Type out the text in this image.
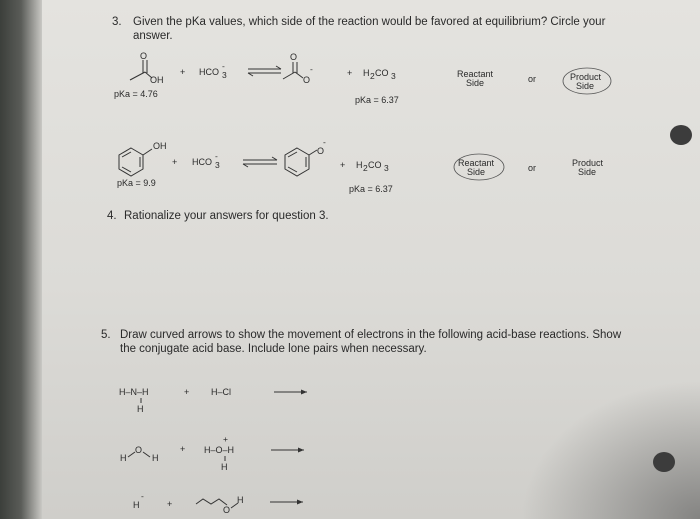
3. Given the pKa values, which side of the reaction would be favored at equilibrium? Circle your
answer.
O
OH
+ HCO 3
-
O
O
-	+ H 2 CO 3
pKa = 4.76
pKa = 6.37
Reactant
Side	or	Product
Side
OH
+ HCO 3
-	O
-
+ H 2 CO 3
pKa = 9.9
pKa = 6.37
Reactant
Side	or	Product
Side
4. Rationalize your answers for question 3.
5. Draw curved arrows to show the movement of electrons in the following acid-base reactions. Show
the conjugate acid base. Include lone pairs when necessary.
H–N–H
H
+ H–Cl
H
O
H
+ H–O–H
+
H
H
-
+
O
H
